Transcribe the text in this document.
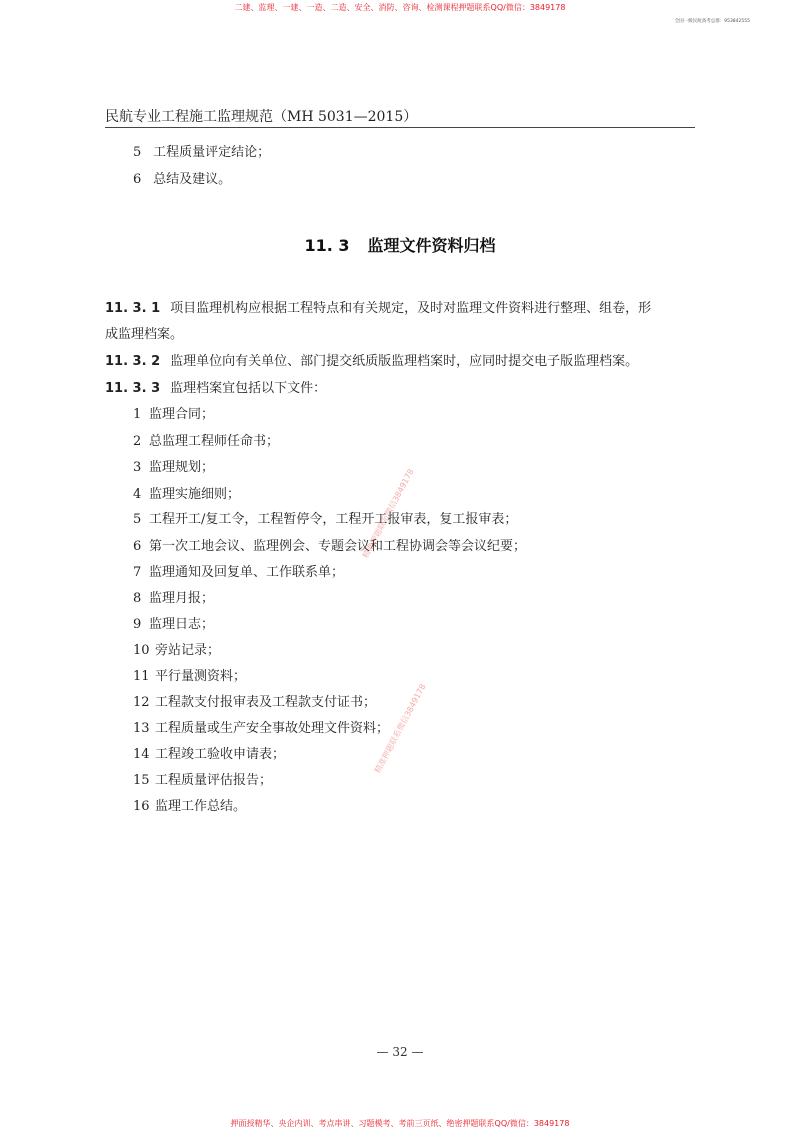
二建、监理、一建、一造、二造、安全、消防、咨询、检测课程押题联系QQ/微信：3849178
全国一级民航备考总群：953842555
民航专业工程施工监理规范（MH 5031—2015）
5 工程质量评定结论；
6 总结及建议。
11. 3 监理文件资料归档
11. 3. 1 项目监理机构应根据工程特点和有关规定，及时对监理文件资料进行整理、组卷，形
成监理档案。
11. 3. 2 监理单位向有关单位、部门提交纸质版监理档案时，应同时提交电子版监理档案。
11. 3. 3 监理档案宜包括以下文件：
1 监理合同；
2 总监理工程师任命书；
3 监理规划；
4 监理实施细则；
5 工程开工/复工令，工程暂停令，工程开工报审表，复工报审表；
6 第一次工地会议、监理例会、专题会议和工程协调会等会议纪要；
7 监理通知及回复单、工作联系单；
8 监理月报；
9 监理日志；
10 旁站记录；
11 平行量测资料；
12 工程款支付报审表及工程款支付证书；
13 工程质量或生产安全事故处理文件资料；
14 工程竣工验收申请表；
15 工程质量评估报告；
16 监理工作总结。
精准押题联系微信3849178
精准押题联系微信3849178
— 32 —
押面授精华、央企内训、考点串讲、习题模考、考前三页纸、绝密押题联系QQ/微信：3849178
